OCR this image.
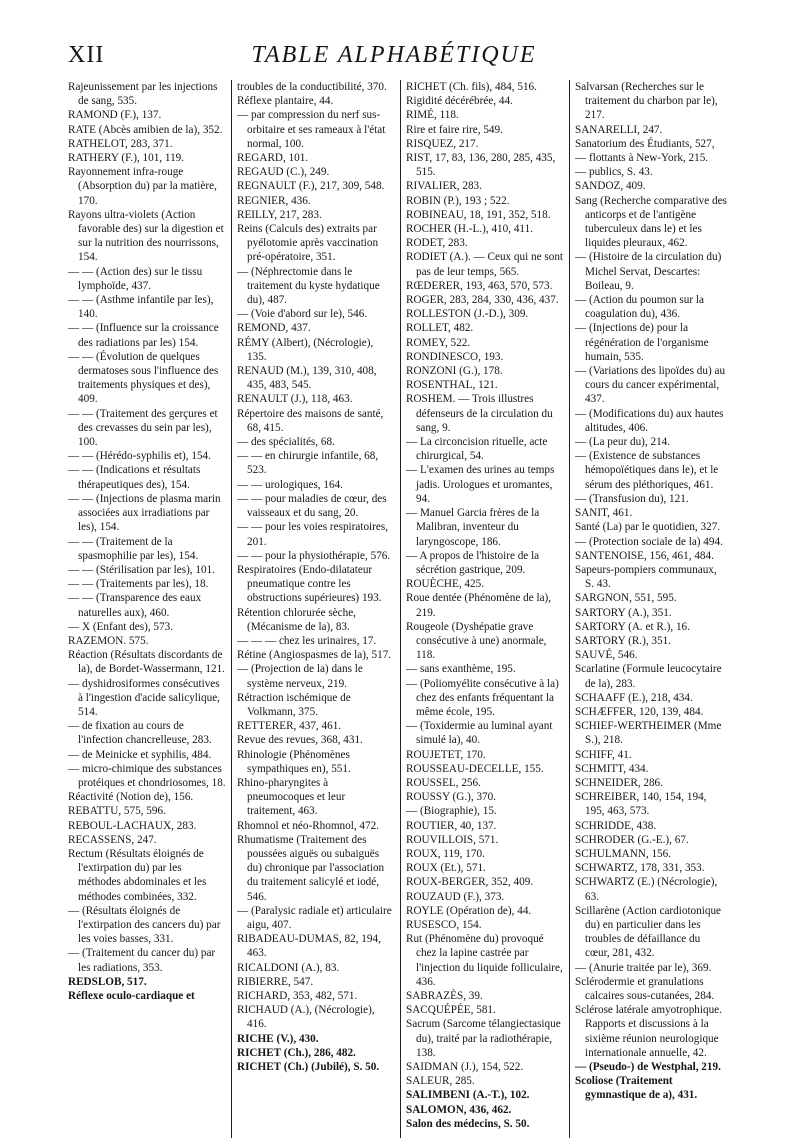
XII	TABLE ALPHABÉTIQUE

Rajeunissement par les injections de sang, 535.

RAMOND (F.), 137.

RATE (Abcès amibien de la), 352.

RATHELOT, 283, 371.

RATHERY (F.), 101, 119.

Rayonnement infra-rouge (Absorption du) par la matière, 170.

Rayons ultra-violets (Action favorable des) sur la digestion et sur la nutrition des nourrissons, 154.

— — (Action des) sur le tissu lymphoïde, 437.

— — (Asthme infantile par les), 140.

— — (Influence sur la croissance des radiations par les) 154.

— — (Évolution de quelques dermatoses sous l'influence des traitements physiques et des), 409.

— — (Traitement des gerçures et des crevasses du sein par les), 100.

— — (Hérédo-syphilis et), 154.

— — (Indications et résultats thérapeutiques des), 154.

— — (Injections de plasma marin associées aux irradiations par les), 154.

— — (Traitement de la spasmophilie par les), 154.

— — (Stérilisation par les), 101.

— — (Traitements par les), 18.

— — (Transparence des eaux naturelles aux), 460.

— X (Enfant des), 573.

RAZEMON. 575.

Réaction (Résultats discordants de la), de Bordet-Wassermann, 121.

— dyshidrosiformes consécutives à l'ingestion d'acide salicylique, 514.

— de fixation au cours de l'infection chancrelleuse, 283.

— de Meinicke et syphilis, 484.

— micro-chimique des substances protéiques et chondriosomes, 18.

Réactivité (Notion de), 156.

REBATTU, 575, 596.

REBOUL-LACHAUX, 283.

RECASSENS, 247.

Rectum (Résultats éloignés de l'extirpation du) par les méthodes abdominales et les méthodes combinées, 332.

— (Résultats éloignés de l'extirpation des cancers du) par les voies basses, 331.

— (Traitement du cancer du) par les radiations, 353.

REDSLOB, 517.

Réflexe oculo-cardiaque et

troubles de la conductibilité, 370.

Réflexe plantaire, 44.

— par compression du nerf sus-orbitaire et ses rameaux à l'état normal, 100.

REGARD, 101.

REGAUD (C.), 249.

REGNAULT (F.), 217, 309, 548.

REGNIER, 436.

REILLY, 217, 283.

Reins (Calculs des) extraits par pyélotomie après vaccination pré-opératoire, 351.

— (Néphrectomie dans le traitement du kyste hydatique du), 487.

— (Voie d'abord sur le), 546.

REMOND, 437.

RÉMY (Albert), (Nécrologie), 135.

RENAUD (M.), 139, 310, 408, 435, 483, 545.

RENAULT (J.), 118, 463.

Répertoire des maisons de santé, 68, 415.

— des spécialités, 68.

— — en chirurgie infantile, 68, 523.

— — urologiques, 164.

— — pour maladies de cœur, des vaisseaux et du sang, 20.

— — pour les voies respiratoires, 201.

— — pour la physiothérapie, 576.

Respiratoires (Endo-dilatateur pneumatique contre les obstructions supérieures) 193.

Rétention chlorurée sèche, (Mécanisme de la), 83.

— — — chez les urinaires, 17.

Rétine (Angiospasmes de la), 517.

— (Projection de la) dans le système nerveux, 219.

Rétraction ischémique de Volkmann, 375.

RETTERER, 437, 461.

Revue des revues, 368, 431.

Rhinologie (Phénomènes sympathiques en), 551.

Rhino-pharyngites à pneumocoques et leur traitement, 463.

Rhomnol et néo-Rhomnol, 472.

Rhumatisme (Traitement des poussées aiguës ou subaiguës du) chronique par l'association du traitement salicylé et iodé, 546.

— (Paralysic radiale et) articulaire aigu, 407.

RIBADEAU-DUMAS, 82, 194, 463.

RICALDONI (A.), 83.

RIBIERRE, 547.

RICHARD, 353, 482, 571.

RICHAUD (A.), (Nécrologie), 416.

RICHE (V.), 430.

RICHET (Ch.), 286, 482.

RICHET (Ch.) (Jubilé), S. 50.

RICHET (Ch. fils), 484, 516.

Rigidité décérébrée, 44.

RIMÉ, 118.

Rire et faire rire, 549.

RISQUEZ, 217.

RIST, 17, 83, 136, 280, 285, 435, 515.

RIVALIER, 283.

ROBIN (P.), 193 ; 522.

ROBINEAU, 18, 191, 352, 518.

ROCHER (H.-L.), 410, 411.

RODET, 283.

RODIET (A.). — Ceux qui ne sont pas de leur temps, 565.

RŒDERER, 193, 463, 570, 573.

ROGER, 283, 284, 330, 436, 437.

ROLLESTON (J.-D.), 309.

ROLLET, 482.

ROMEY, 522.

RONDINESCO, 193.

RONZONI (G.), 178.

ROSENTHAL, 121.

ROSHEM. — Trois illustres défenseurs de la circulation du sang, 9.

— La circoncision rituelle, acte chirurgical, 54.

— L'examen des urines au temps jadis. Urologues et uromantes, 94.

— Manuel Garcia frères de la Malibran, inventeur du laryngoscope, 186.

— A propos de l'histoire de la sécrétion gastrique, 209.

ROUÈCHE, 425.

Roue dentée (Phénomène de la), 219.

Rougeole (Dyshépatie grave consécutive à une) anormale, 118.

— sans exanthème, 195.

— (Poliomyélite consécutive à la) chez des enfants fréquentant la même école, 195.

— (Toxidermie au luminal ayant simulé la), 40.

ROUJETET, 170.

ROUSSEAU-DECELLE, 155.

ROUSSEL, 256.

ROUSSY (G.), 370.

— (Biographie), 15.

ROUTIER, 40, 137.

ROUVILLOIS, 571.

ROUX, 119, 170.

ROUX (Et.), 571.

ROUX-BERGER, 352, 409.

ROUZAUD (F.), 373.

ROYLE (Opération de), 44.

RUSESCO, 154.

Rut (Phénomène du) provoqué chez la lapine castrée par l'injection du liquide folliculaire, 436.

SABRAZÈS, 39.

SACQUÉPÉE, 581.

Sacrum (Sarcome télangiectasique du), traité par la radiothérapie, 138.

SAIDMAN (J.), 154, 522.

SALEUR, 285.

SALIMBENI (A.-T.), 102.

SALOMON, 436, 462.

Salon des médecins, S. 50.

Salvarsan (Recherches sur le traitement du charbon par le), 217.

SANARELLI, 247.

Sanatorium des Étudiants, 527,

— flottants à New-York, 215.

— publics, S. 43.

SANDOZ, 409.

Sang (Recherche comparative des anticorps et de l'antigène tuberculeux dans le) et les liquides pleuraux, 462.

— (Histoire de la circulation du) Michel Servat, Descartes: Boileau, 9.

— (Action du poumon sur la coagulation du), 436.

— (Injections de) pour la régénération de l'organisme humain, 535.

— (Variations des lipoïdes du) au cours du cancer expérimental, 437.

— (Modifications du) aux hautes altitudes, 406.

— (La peur du), 214.

— (Existence de substances hémopoïétiques dans le), et le sérum des pléthoriques, 461.

— (Transfusion du), 121.

SANIT, 461.

Santé (La) par le quotidien, 327.

— (Protection sociale de la) 494.

SANTENOISE, 156, 461, 484.

Sapeurs-pompiers communaux, S. 43.

SARGNON, 551, 595.

SARTORY (A.), 351.

SARTORY (A. et R.), 16.

SARTORY (R.), 351.

SAUVÉ, 546.

Scarlatine (Formule leucocytaire de la), 283.

SCHAAFF (E.), 218, 434.

SCHÆFFER, 120, 139, 484.

SCHIEF-WERTHEIMER (Mme S.), 218.

SCHIFF, 41.

SCHMITT, 434.

SCHNEIDER, 286.

SCHREIBER, 140, 154, 194, 195, 463, 573.

SCHRIDDE, 438.

SCHRODER (G.-E.), 67.

SCHULMANN, 156.

SCHWARTZ, 178, 331, 353.

SCHWARTZ (E.) (Nécrologie), 63.

Scillarène (Action cardiotonique du) en particulier dans les troubles de défaillance du cœur, 281, 432.

— (Anurie traitée par le), 369.

Sclérodermie et granulations calcaires sous-cutanées, 284.

Sclérose latérale amyotrophique. Rapports et discussions à la sixième réunion neurologique internationale annuelle, 42.

— (Pseudo-) de Westphal, 219.

Scoliose (Traitement gymnastique de a), 431.
